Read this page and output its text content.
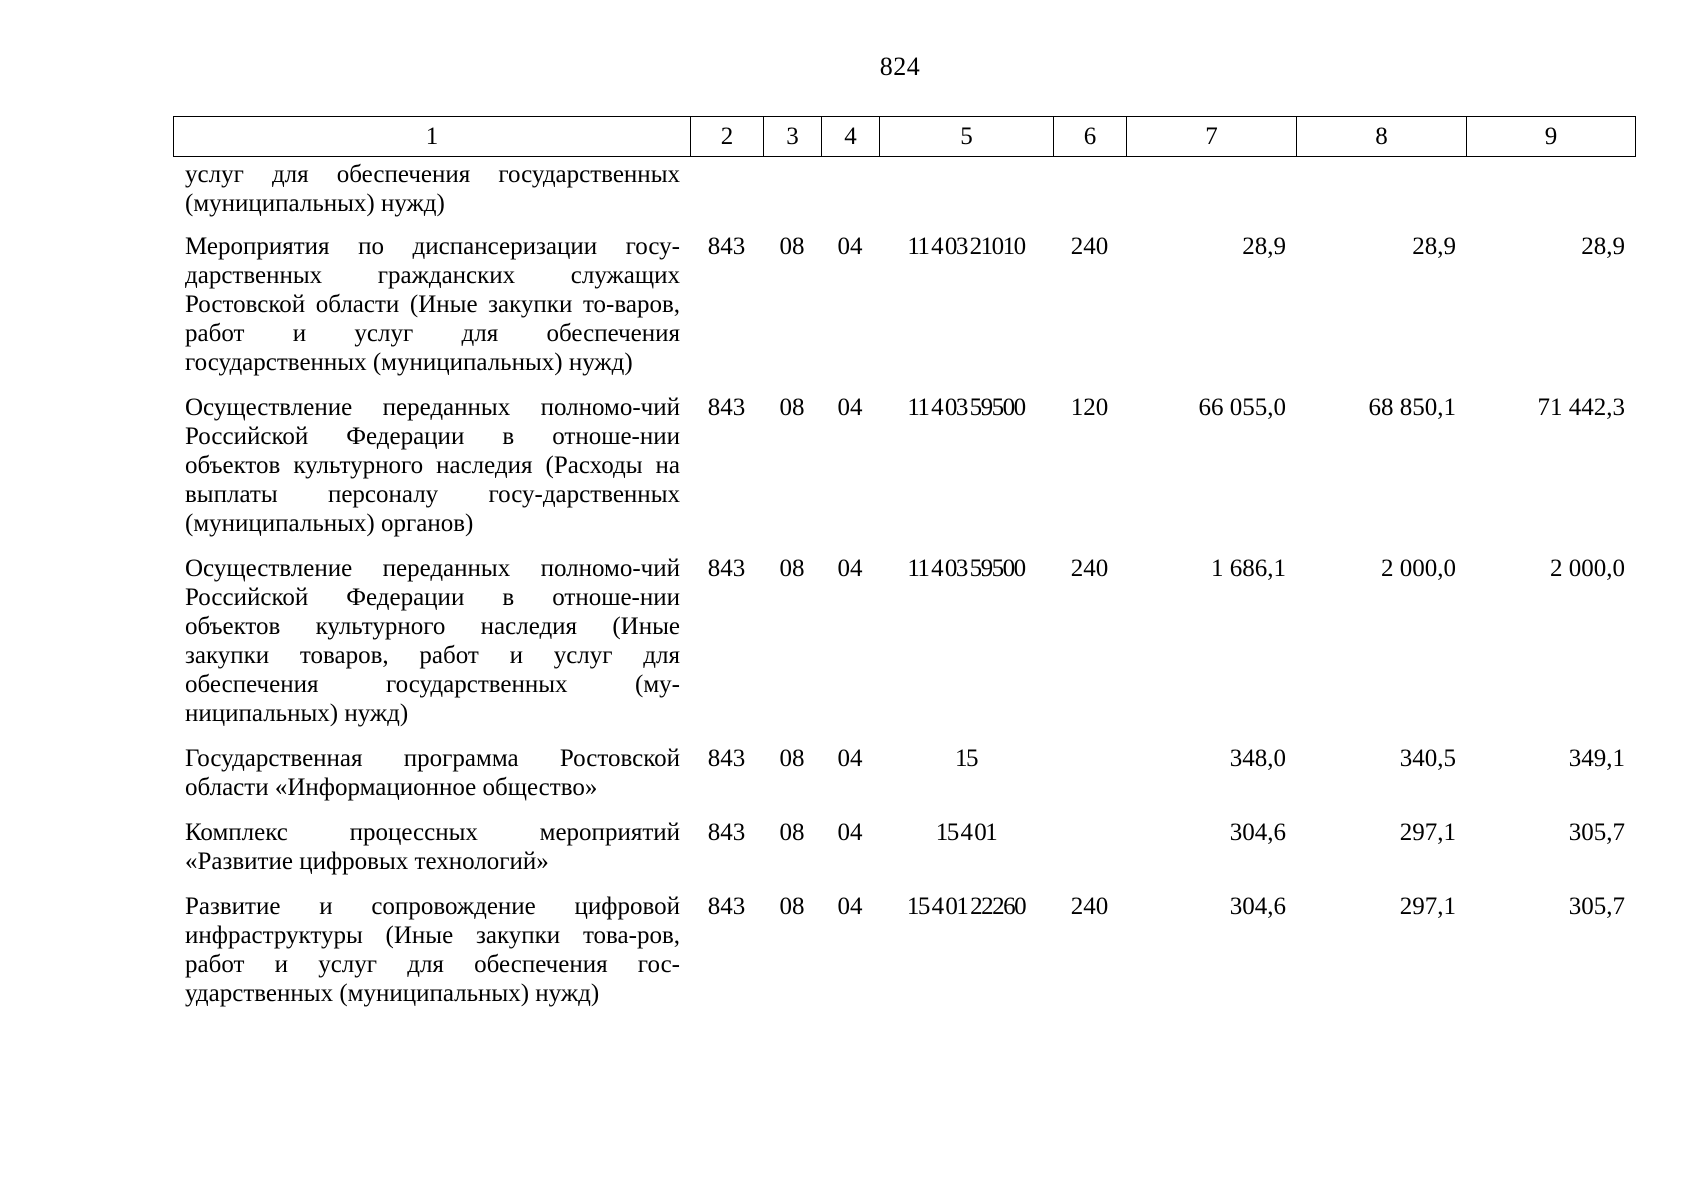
824
1	2	3	4	5	6	7	8	9
услуг для обеспечения государственных (муниципальных) нужд)								
Мероприятия по диспансеризации госу-дарственных гражданских служащих Ростовской области (Иные закупки то-варов, работ и услуг для обеспечения государственных (муниципальных) нужд)	843	08	04	11 4 03 21010	240	28,9	28,9	28,9
Осуществление переданных полномо-чий Российской Федерации в отноше-нии объектов культурного наследия (Расходы на выплаты персоналу госу-дарственных (муниципальных) органов)	843	08	04	11 4 03 59500	120	66 055,0	68 850,1	71 442,3
Осуществление переданных полномо-чий Российской Федерации в отноше-нии объектов культурного наследия (Иные закупки товаров, работ и услуг для обеспечения государственных (му-ниципальных) нужд)	843	08	04	11 4 03 59500	240	1 686,1	2 000,0	2 000,0
Государственная программа Ростовской области «Информационное общество»	843	08	04	15		348,0	340,5	349,1
Комплекс процессных мероприятий «Развитие цифровых технологий»	843	08	04	15 4 01		304,6	297,1	305,7
Развитие и сопровождение цифровой инфраструктуры (Иные закупки това-ров, работ и услуг для обеспечения гос-ударственных (муниципальных) нужд)	843	08	04	15 4 01 22260	240	304,6	297,1	305,7
